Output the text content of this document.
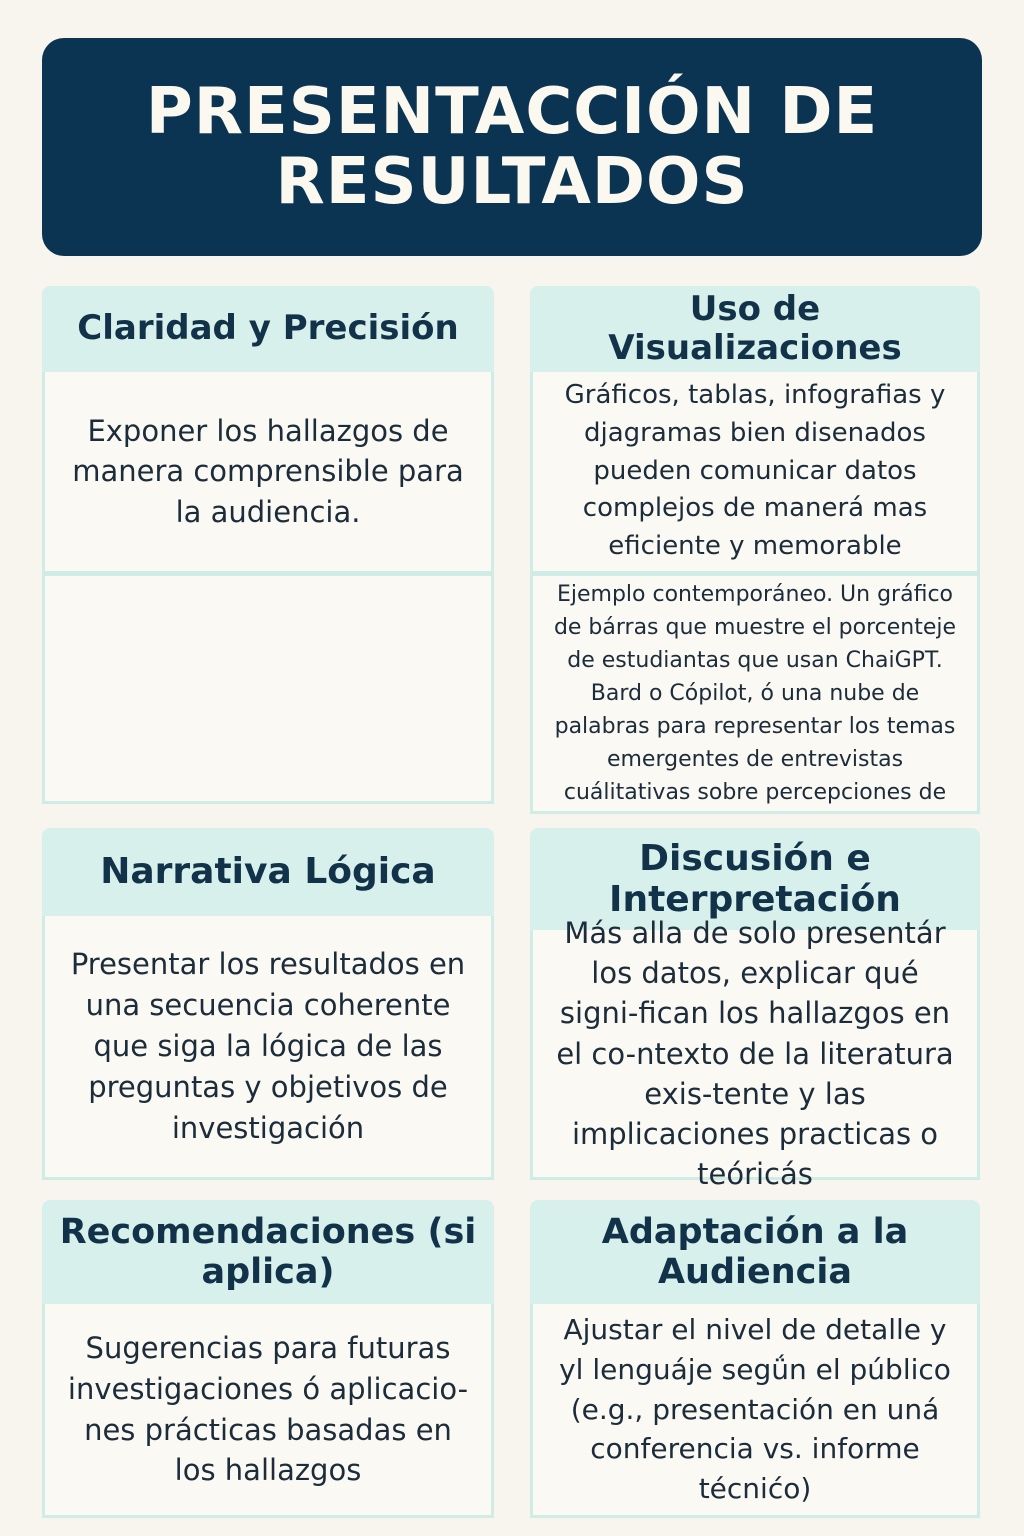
PRESENTACCIÓN DE RESULTADOS
Claridad y Precisión

Exponer los hallazgos de manera comprensible para la audiencia.

Uso de Visualizaciones

Gráficos, tablas, infografias y djagramas bien disenados pueden comunicar datos complejos de manerá mas eficiente y memorable

Ejemplo contemporáneo. Un gráfico de bárras que muestre el porcenteje de estudiantas que usan ChaiGPT. Bard o Cópilot, ó una nube de palabras para representar los temas emergentes de entrevistas cuálitativas sobre percepciones de

Narrativa Lógica

Presentar los resultados en una secuencia coherente que siga la lógica de las preguntas y objetivos de investigación

Discusión e Interpretación

Más alla de solo presentár los datos, explicar qué signi-fican los hallazgos en el co-ntexto de la literatura exis-tente y las implicaciones practicas o teóricás

Recomendaciones (si aplica)

Sugerencias para futuras investigaciones ó aplicacio-nes prácticas basadas en los hallazgos

Adaptación a la Audiencia

Ajustar el nivel de detalle y yl lenguáje segǘn el público (e.g., presentación en uná conferencia vs. informe técnićo)
